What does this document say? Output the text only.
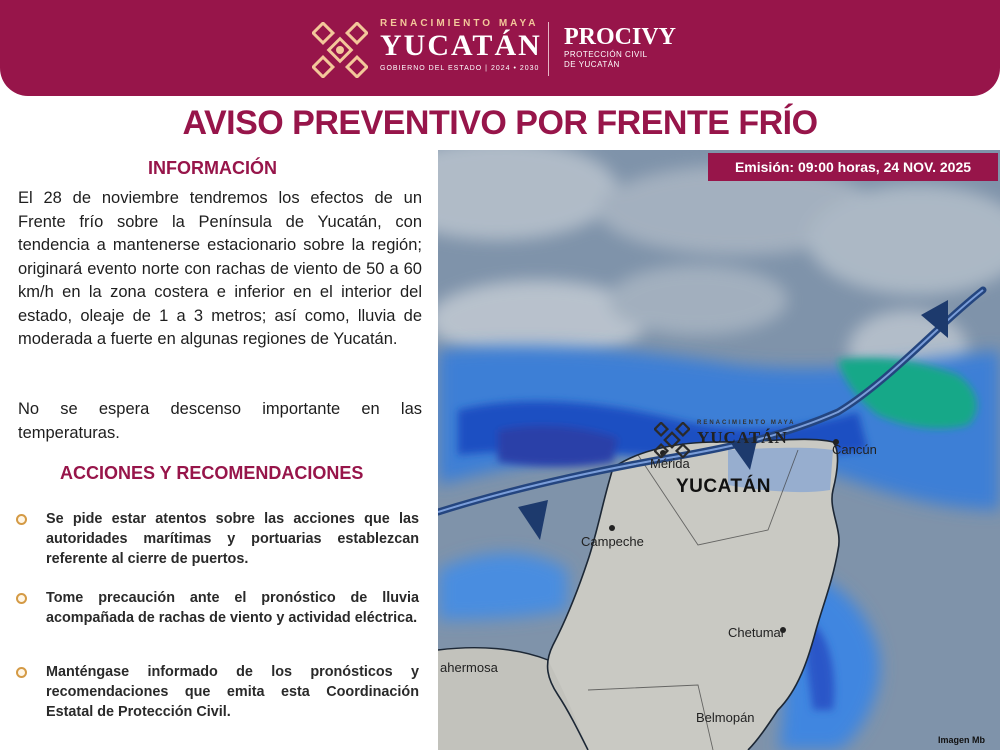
RENACIMIENTO MAYA
YUCATÁN
GOBIERNO DEL ESTADO | 2024 • 2030
PROCIVY
PROTECCIÓN CIVIL
DE YUCATÁN
AVISO PREVENTIVO POR FRENTE FRÍO
INFORMACIÓN
El 28 de noviembre tendremos los efectos de un Frente frío sobre la Península de Yucatán, con tendencia a mantenerse estacionario sobre la región; originará evento norte con rachas de viento de 50 a 60 km/h en la zona costera e inferior en el interior del estado, oleaje de 1 a 3 metros; así como, lluvia de moderada a fuerte en algunas regiones de Yucatán.
No se espera descenso importante en las temperaturas.
ACCIONES Y RECOMENDACIONES
Se pide estar atentos sobre las acciones que las autoridades marítimas y portuarias establezcan referente al cierre de puertos.
Tome precaución ante el pronóstico de lluvia acompañada de rachas de viento y actividad eléctrica.
Manténgase informado de los pronósticos y recomendaciones que emita esta Coordinación Estatal de Protección Civil.
Emisión: 09:00 horas, 24 NOV. 2025
RENACIMIENTO MAYA
YUCATÁN
Mérida
Cancún
Campeche
Chetumal
ahermosa
Belmopán
YUCATÁN
Imagen Mb
